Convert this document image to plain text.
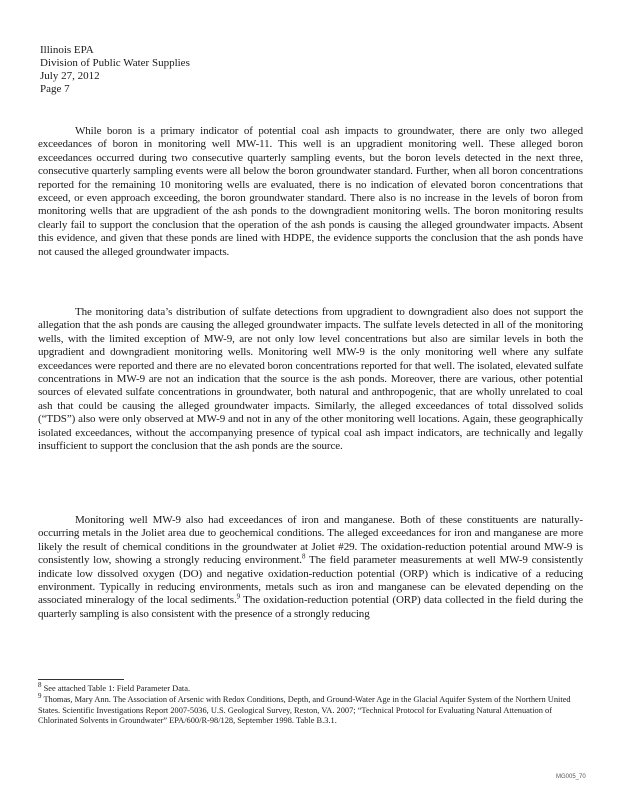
Illinois EPA
Division of Public Water Supplies
July 27, 2012
Page 7

While boron is a primary indicator of potential coal ash impacts to groundwater, there are only two alleged exceedances of boron in monitoring well MW-11. This well is an upgradient monitoring well. These alleged boron exceedances occurred during two consecutive quarterly sampling events, but the boron levels detected in the next three, consecutive quarterly sampling events were all below the boron groundwater standard. Further, when all boron concentrations reported for the remaining 10 monitoring wells are evaluated, there is no indication of elevated boron concentrations that exceed, or even approach exceeding, the boron groundwater standard. There also is no increase in the levels of boron from monitoring wells that are upgradient of the ash ponds to the downgradient monitoring wells. The boron monitoring results clearly fail to support the conclusion that the operation of the ash ponds is causing the alleged groundwater impacts. Absent this evidence, and given that these ponds are lined with HDPE, the evidence supports the conclusion that the ash ponds have not caused the alleged groundwater impacts.

The monitoring data’s distribution of sulfate detections from upgradient to downgradient also does not support the allegation that the ash ponds are causing the alleged groundwater impacts. The sulfate levels detected in all of the monitoring wells, with the limited exception of MW-9, are not only low level concentrations but also are similar levels in both the upgradient and downgradient monitoring wells. Monitoring well MW-9 is the only monitoring well where any sulfate exceedances were reported and there are no elevated boron concentrations reported for that well. The isolated, elevated sulfate concentrations in MW-9 are not an indication that the source is the ash ponds. Moreover, there are various, other potential sources of elevated sulfate concentrations in groundwater, both natural and anthropogenic, that are wholly unrelated to coal ash that could be causing the alleged groundwater impacts. Similarly, the alleged exceedances of total dissolved solids (“TDS”) also were only observed at MW-9 and not in any of the other monitoring well locations. Again, these geographically isolated exceedances, without the accompanying presence of typical coal ash impact indicators, are technically and legally insufficient to support the conclusion that the ash ponds are the source.

Monitoring well MW-9 also had exceedances of iron and manganese. Both of these constituents are naturally-occurring metals in the Joliet area due to geochemical conditions. The alleged exceedances for iron and manganese are more likely the result of chemical conditions in the groundwater at Joliet #29. The oxidation-reduction potential around MW-9 is consistently low, showing a strongly reducing environment.$^8$ The field parameter measurements at well MW-9 consistently indicate low dissolved oxygen (DO) and negative oxidation-reduction potential (ORP) which is indicative of a reducing environment. Typically in reducing environments, metals such as iron and manganese can be elevated depending on the associated mineralogy of the local sediments.$^9$ The oxidation-reduction potential (ORP) data collected in the field during the quarterly sampling is also consistent with the presence of a strongly reducing

$^8$ See attached Table 1: Field Parameter Data.

$^9$ Thomas, Mary Ann. The Association of Arsenic with Redox Conditions, Depth, and Ground-Water Age in the Glacial Aquifer System of the Northern United States. Scientific Investigations Report 2007-5036, U.S. Geological Survey, Reston, VA. 2007; “Technical Protocol for Evaluating Natural Attenuation of Chlorinated Solvents in Groundwater” EPA/600/R-98/128, September 1998. Table B.3.1.

MG005_70
